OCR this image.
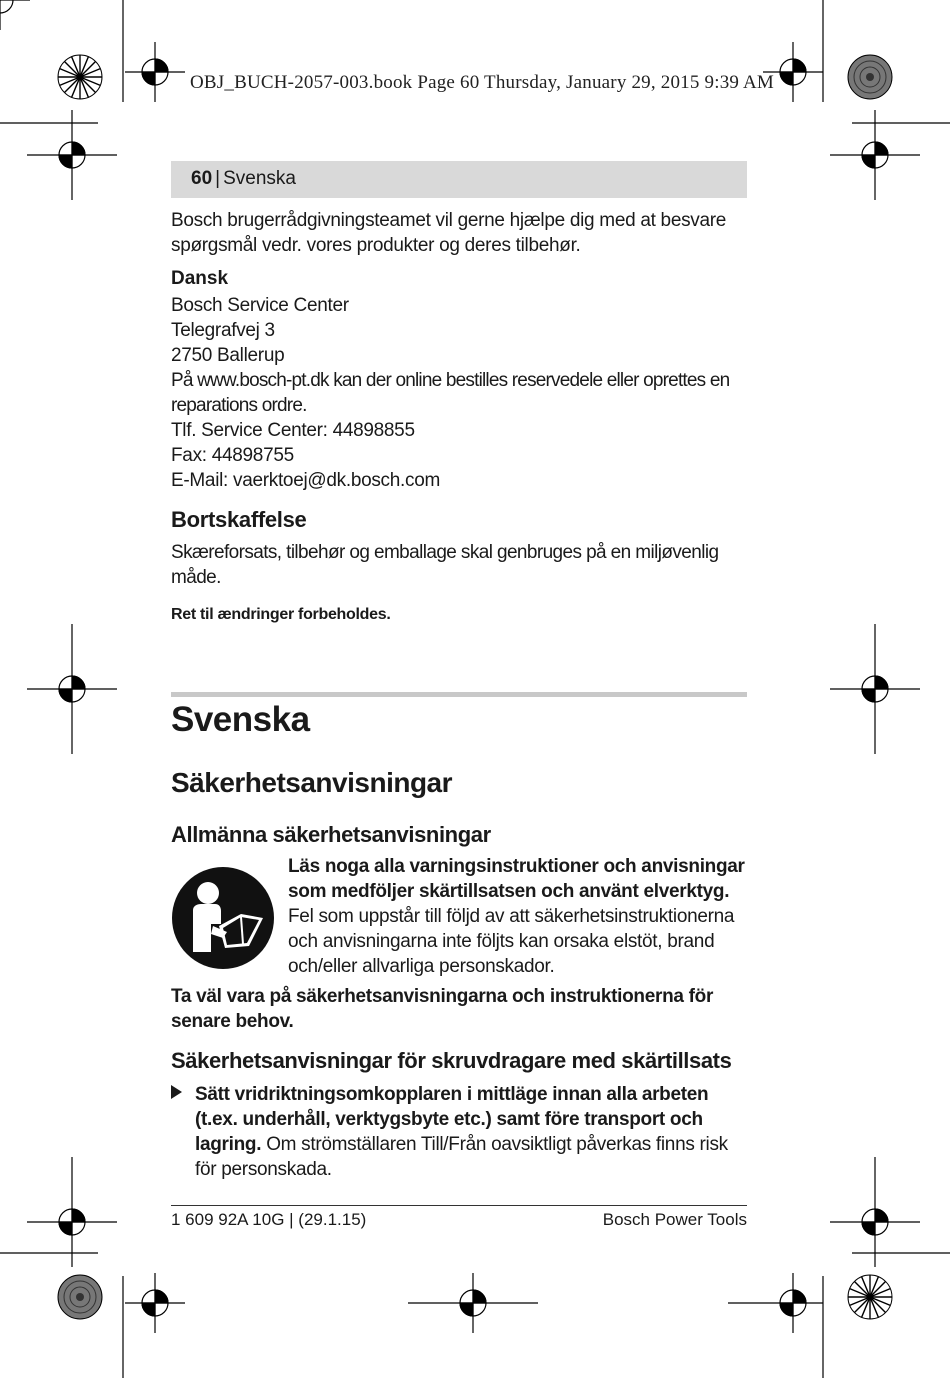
OBJ_BUCH-2057-003.book Page 60 Thursday, January 29, 2015 9:39 AM
60 | Svenska

Bosch brugerrådgivningsteamet vil gerne hjælpe dig med at besvare spørgsmål vedr. vores produkter og deres tilbehør.

Dansk

Bosch Service Center

Telegrafvej 3

2750 Ballerup

På www.bosch-pt.dk kan der online bestilles reservedele eller oprettes en reparations ordre.

Tlf. Service Center: 44898855

Fax: 44898755

E-Mail: vaerktoej@dk.bosch.com

Bortskaffelse

Skæreforsats, tilbehør og emballage skal genbruges på en miljøvenlig måde.

Ret til ændringer forbeholdes.

Svenska
Säkerhetsanvisningar
Allmänna säkerhetsanvisningar

Läs noga alla varningsinstruktioner och anvisningar som medföljer skärtillsatsen och använt elverktyg. Fel som uppstår till följd av att säkerhetsinstruktionerna och anvisningarna inte följts kan orsaka elstöt, brand och/eller allvarliga personskador.

Ta väl vara på säkerhetsanvisningarna och instruktionerna för senare behov.

Säkerhetsanvisningar för skruvdragare med skärtillsats

Sätt vridriktningsomkopplaren i mittläge innan alla arbeten (t.ex. underhåll, verktygsbyte etc.) samt före transport och lagring. Om strömställaren Till/Från oavsiktligt påverkas finns risk för personskada.

1 609 92A 10G | (29.1.15)	Bosch Power Tools
